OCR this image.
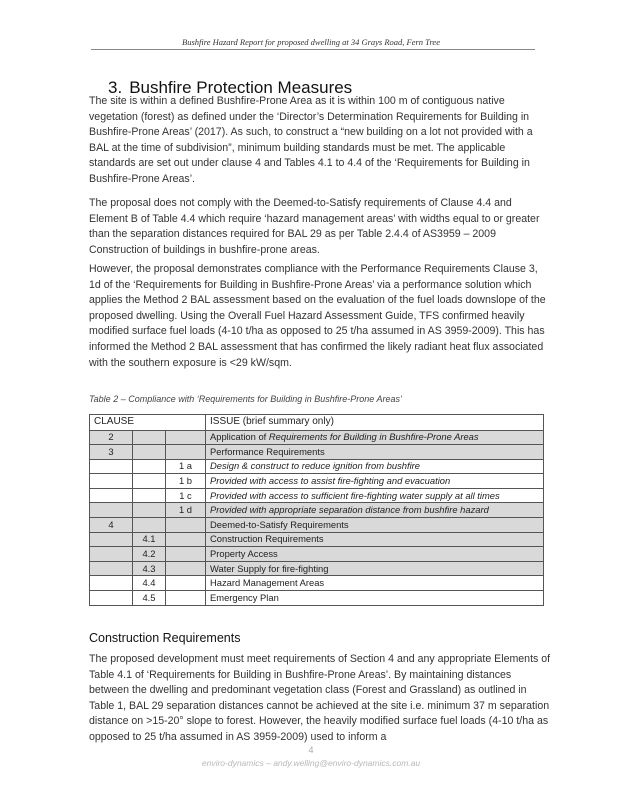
Bushfire Hazard Report for proposed dwelling at 34 Grays Road, Fern Tree
3. Bushfire Protection Measures

The site is within a defined Bushfire-Prone Area as it is within 100 m of contiguous native vegetation (forest) as defined under the ‘Director’s Determination Requirements for Building in Bushfire-Prone Areas’ (2017). As such, to construct a “new building on a lot not provided with a BAL at the time of subdivision”, minimum building standards must be met. The applicable standards are set out under clause 4 and Tables 4.1 to 4.4 of the ‘Requirements for Building in Bushfire-Prone Areas’.

The proposal does not comply with the Deemed-to-Satisfy requirements of Clause 4.4 and Element B of Table 4.4 which require ‘hazard management areas’ with widths equal to or greater than the separation distances required for BAL 29 as per Table 2.4.4 of AS3959 – 2009 Construction of buildings in bushfire-prone areas.

However, the proposal demonstrates compliance with the Performance Requirements Clause 3, 1d of the ‘Requirements for Building in Bushfire-Prone Areas’ via a performance solution which applies the Method 2 BAL assessment based on the evaluation of the fuel loads downslope of the proposed dwelling. Using the Overall Fuel Hazard Assessment Guide, TFS confirmed heavily modified surface fuel loads (4-10 t/ha as opposed to 25 t/ha assumed in AS 3959-2009). This has informed the Method 2 BAL assessment that has confirmed the likely radiant heat flux associated with the southern exposure is <29 kW/sqm.

Table 2 – Compliance with ‘Requirements for Building in Bushfire-Prone Areas’
CLAUSE			ISSUE (brief summary only)
2			Application of Requirements for Building in Bushfire-Prone Areas
3			Performance Requirements
		1 a	Design & construct to reduce ignition from bushfire
		1 b	Provided with access to assist fire-fighting and evacuation
		1 c	Provided with access to sufficient fire-fighting water supply at all times
		1 d	Provided with appropriate separation distance from bushfire hazard
4			Deemed-to-Satisfy Requirements
	4.1		Construction Requirements
	4.2		Property Access
	4.3		Water Supply for fire-fighting
	4.4		Hazard Management Areas
	4.5		Emergency Plan
Construction Requirements

The proposed development must meet requirements of Section 4 and any appropriate Elements of Table 4.1 of ‘Requirements for Building in Bushfire-Prone Areas’. By maintaining distances between the dwelling and predominant vegetation class (Forest and Grassland) as outlined in Table 1, BAL 29 separation distances cannot be achieved at the site i.e. minimum 37 m separation distance on >15-20° slope to forest. However, the heavily modified surface fuel loads (4-10 t/ha as opposed to 25 t/ha assumed in AS 3959-2009) used to inform a

4
enviro-dynamics – andy.welling@enviro-dynamics.com.au
